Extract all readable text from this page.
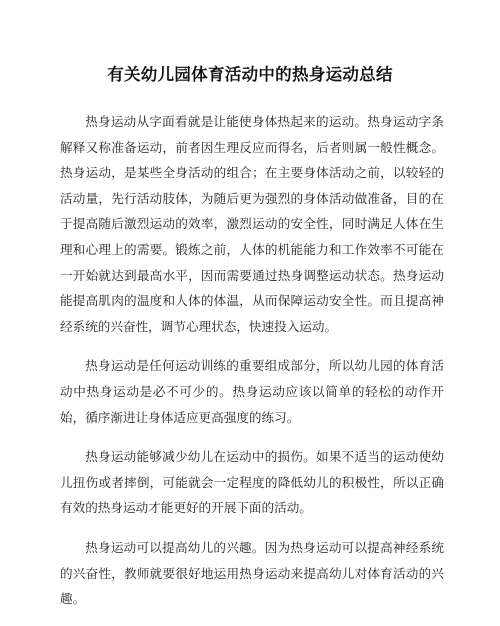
有关幼儿园体育活动中的热身运动总结

热身运动从字面看就是让能使身体热起来的运动。热身运动字条解释又称准备运动，前者因生理反应而得名，后者则属一般性概念。热身运动，是某些全身活动的组合；在主要身体活动之前，以较轻的活动量，先行活动肢体，为随后更为强烈的身体活动做准备，目的在于提高随后激烈运动的效率，激烈运动的安全性，同时满足人体在生理和心理上的需要。锻炼之前，人体的机能能力和工作效率不可能在一开始就达到最高水平，因而需要通过热身调整运动状态。热身运动能提高肌肉的温度和人体的体温，从而保障运动安全性。而且提高神经系统的兴奋性，调节心理状态，快速投入运动。

热身运动是任何运动训练的重要组成部分，所以幼儿园的体育活动中热身运动是必不可少的。热身运动应该以简单的轻松的动作开始，循序渐进让身体适应更高强度的练习。

热身运动能够减少幼儿在运动中的损伤。如果不适当的运动使幼儿扭伤或者摔倒，可能就会一定程度的降低幼儿的积极性，所以正确有效的热身运动才能更好的开展下面的活动。

热身运动可以提高幼儿的兴趣。因为热身运动可以提高神经系统的兴奋性，教师就要很好地运用热身运动来提高幼儿对体育活动的兴趣。
